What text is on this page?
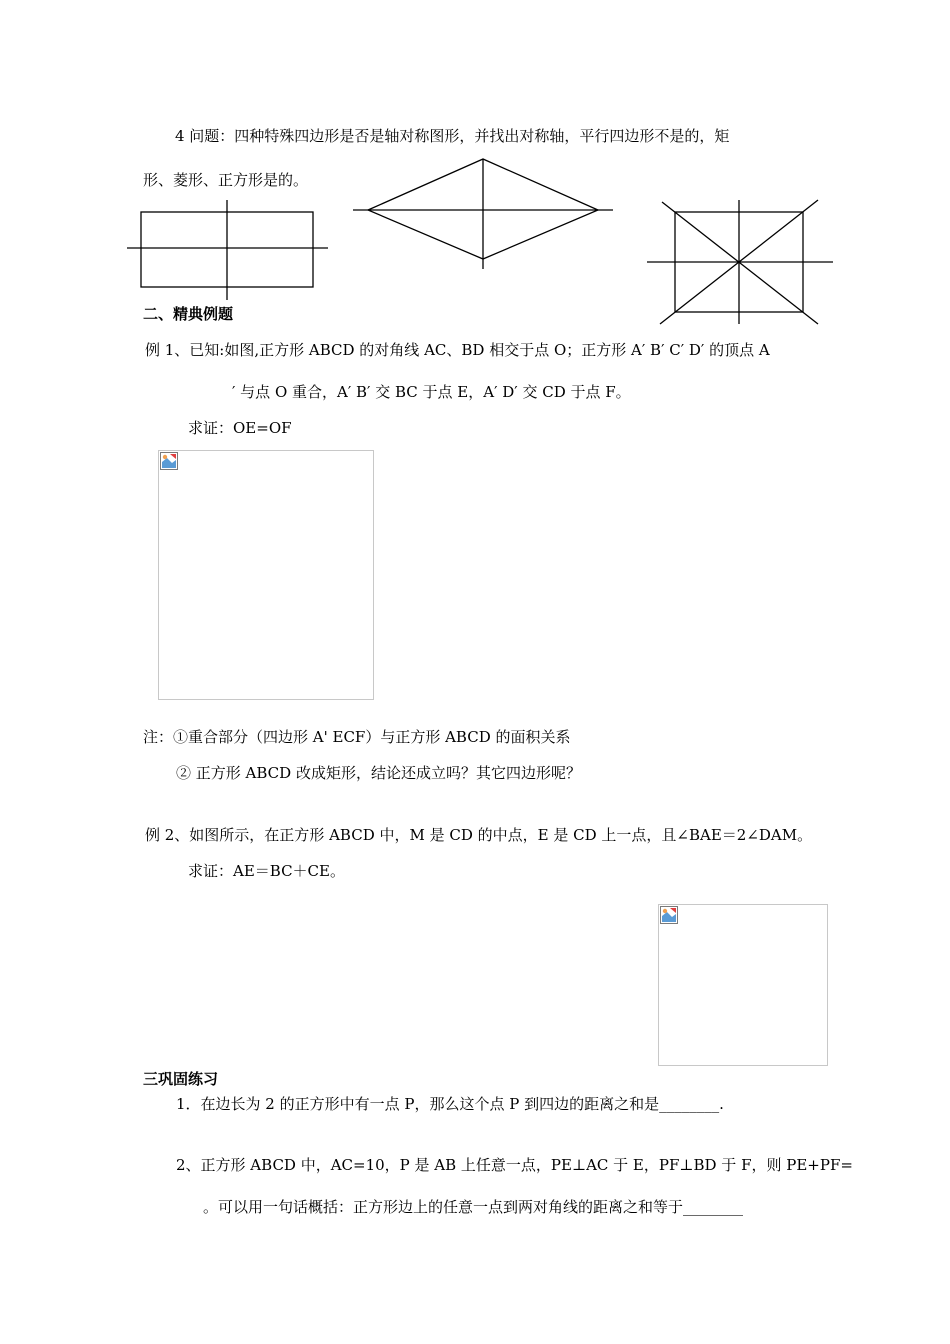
4 问题：四种特殊四边形是否是轴对称图形，并找出对称轴，平行四边形不是的，矩
形、菱形、正方形是的。
二、精典例题
例 1、已知:如图,正方形 ABCD 的对角线 AC、BD 相交于点 O；正方形 A′ B′ C′ D′ 的顶点 A
′ 与点 O 重合，A′ B′ 交 BC 于点 E，A′ D′ 交 CD 于点 F。
求证：OE=OF
注：①重合部分（四边形 A' ECF）与正方形 ABCD 的面积关系
② 正方形 ABCD 改成矩形，结论还成立吗？其它四边形呢？
例 2、如图所示，在正方形 ABCD 中，M 是 CD 的中点，E 是 CD 上一点，且∠BAE＝2∠DAM。
求证：AE＝BC＋CE。
三巩固练习
1．在边长为 2 的正方形中有一点 P，那么这个点 P 到四边的距离之和是________.
2、正方形 ABCD 中，AC=10，P 是 AB 上任意一点，PE⊥AC 于 E，PF⊥BD 于 F，则 PE+PF=
。可以用一句话概括：正方形边上的任意一点到两对角线的距离之和等于________
